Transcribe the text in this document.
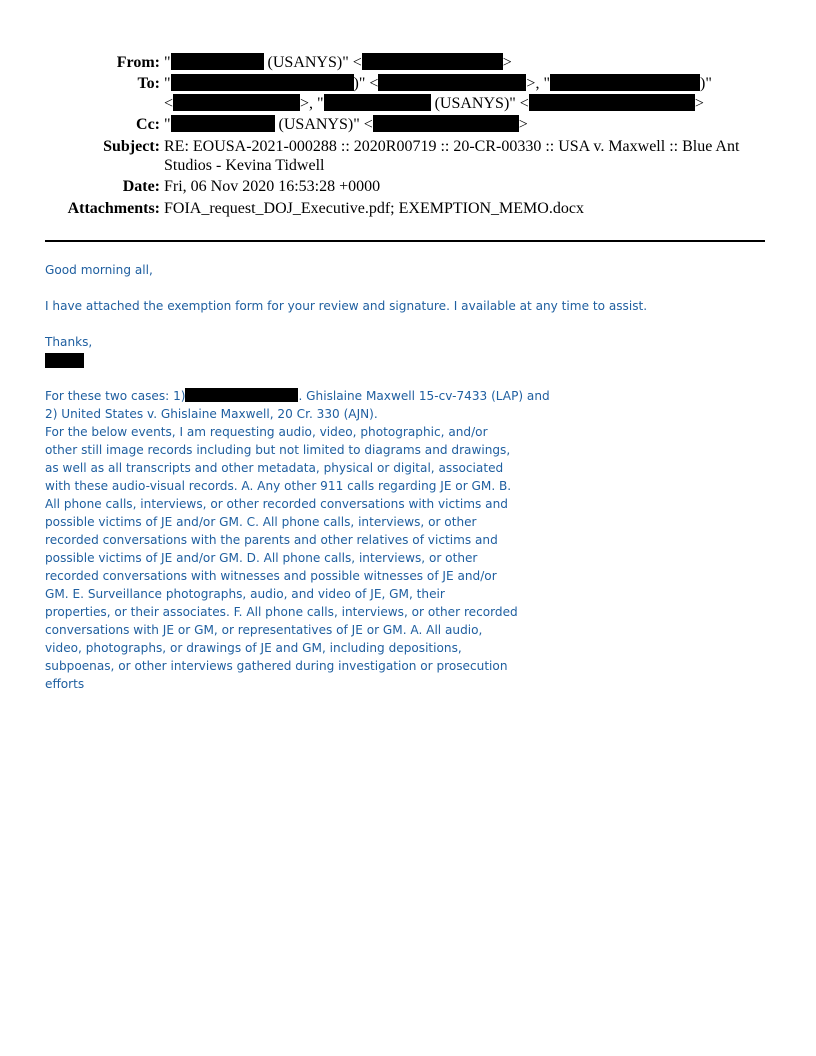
From: "	(USANYS)" <	>
To: "	)" <	>, "	)"
<	>, "	(USANYS)" <	>
Cc: "	(USANYS)" <	>
Subject: RE: EOUSA-2021-000288 :: 2020R00719 :: 20-CR-00330 :: USA v. Maxwell :: Blue Ant
Studios - Kevina Tidwell
Date: Fri, 06 Nov 2020 16:53:28 +0000
Attachments: FOIA_request_DOJ_Executive.pdf; EXEMPTION_MEMO.docx
Good morning all,
I have attached the exemption form for your review and signature. I available at any time to assist.
Thanks,
For these two cases: 1)	. Ghislaine Maxwell 15-cv-7433 (LAP) and
2) United States v. Ghislaine Maxwell, 20 Cr. 330 (AJN).
For the below events, I am requesting audio, video, photographic, and/or
other still image records including but not limited to diagrams and drawings,
as well as all transcripts and other metadata, physical or digital, associated
with these audio-visual records. A. Any other 911 calls regarding JE or GM. B.
All phone calls, interviews, or other recorded conversations with victims and
possible victims of JE and/or GM. C. All phone calls, interviews, or other
recorded conversations with the parents and other relatives of victims and
possible victims of JE and/or GM. D. All phone calls, interviews, or other
recorded conversations with witnesses and possible witnesses of JE and/or
GM. E. Surveillance photographs, audio, and video of JE, GM, their
properties, or their associates. F. All phone calls, interviews, or other recorded
conversations with JE or GM, or representatives of JE or GM. A. All audio,
video, photographs, or drawings of JE and GM, including depositions,
subpoenas, or other interviews gathered during investigation or prosecution
efforts
